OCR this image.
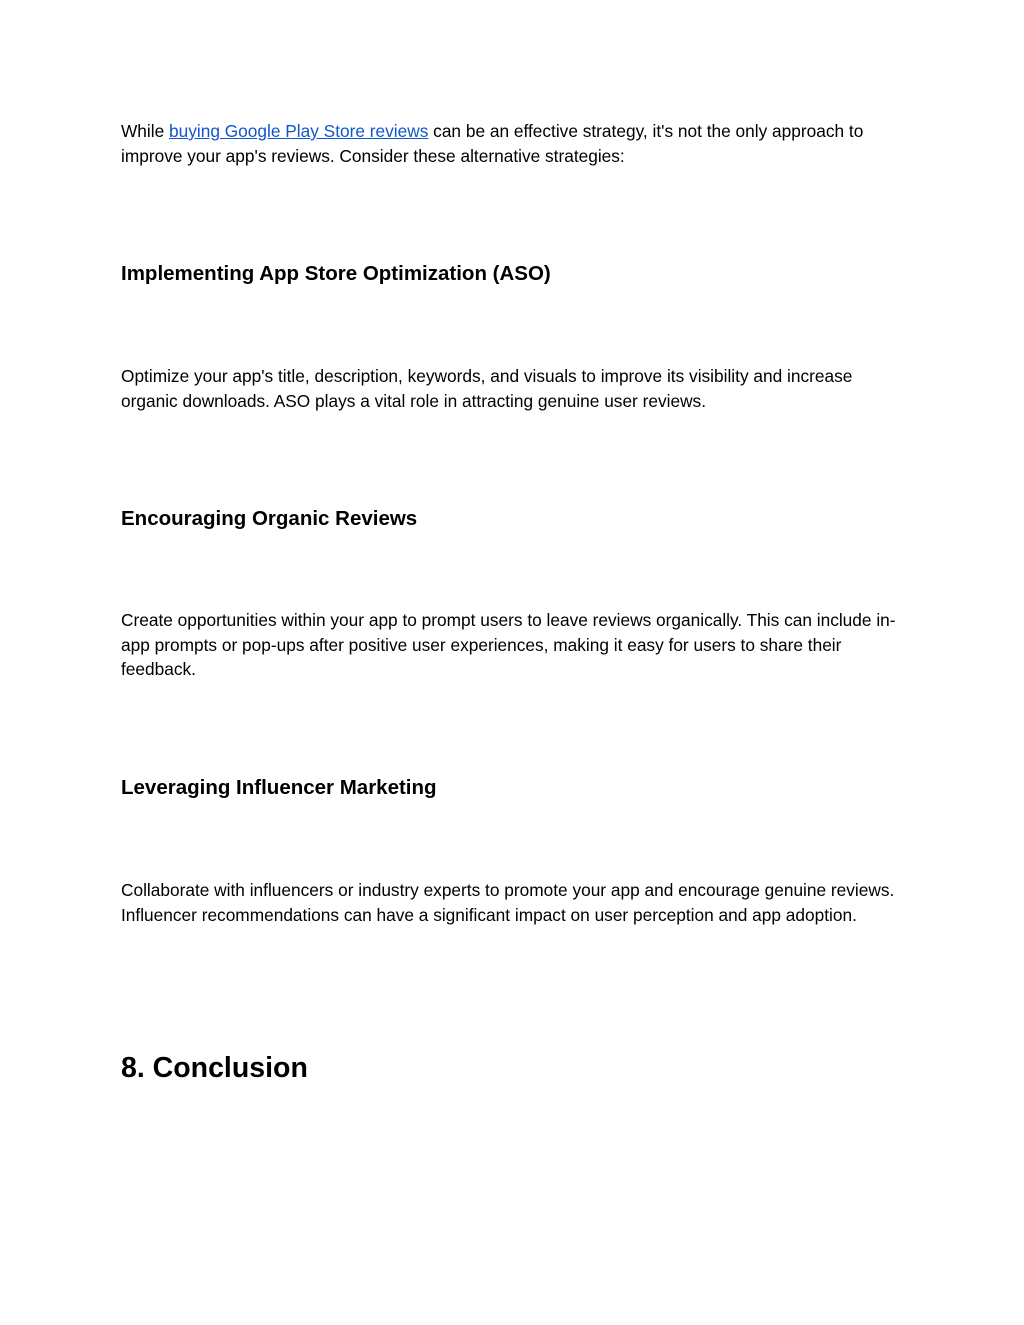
While buying Google Play Store reviews can be an effective strategy, it's not the only approach to improve your app's reviews. Consider these alternative strategies:

Implementing App Store Optimization (ASO)

Optimize your app's title, description, keywords, and visuals to improve its visibility and increase organic downloads. ASO plays a vital role in attracting genuine user reviews.

Encouraging Organic Reviews

Create opportunities within your app to prompt users to leave reviews organically. This can include in-app prompts or pop-ups after positive user experiences, making it easy for users to share their feedback.

Leveraging Influencer Marketing

Collaborate with influencers or industry experts to promote your app and encourage genuine reviews. Influencer recommendations can have a significant impact on user perception and app adoption.

8. Conclusion
